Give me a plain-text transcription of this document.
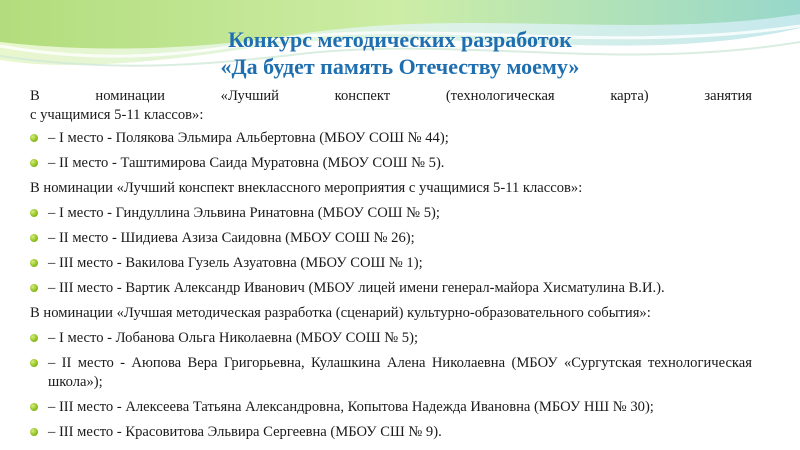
Конкурс методических разработок
«Да будет память Отечеству моему»
В номинации «Лучший конспект (технологическая карта) занятия
с учащимися 5-11 классов»:
– I место - Полякова Эльмира Альбертовна (МБОУ СОШ № 44);
– II место - Таштимирова Саида Муратовна (МБОУ СОШ № 5).
В номинации «Лучший конспект внеклассного мероприятия с учащимися 5-11 классов»:
– I место - Гиндуллина Эльвина Ринатовна (МБОУ СОШ № 5);
– II место - Шидиева Азиза Саидовна (МБОУ СОШ № 26);
– III место - Вакилова Гузель Азуатовна (МБОУ СОШ № 1);
– III место - Вартик Александр Иванович (МБОУ лицей имени генерал-майора Хисматулина В.И.).
В номинации «Лучшая методическая разработка (сценарий) культурно-образовательного события»:
– I место - Лобанова Ольга Николаевна (МБОУ СОШ № 5);
– II место - Аюпова Вера Григорьевна, Кулашкина Алена Николаевна (МБОУ «Сургутская технологическая школа»);
– III место - Алексеева Татьяна Александровна, Копытова Надежда Ивановна (МБОУ НШ № 30);
– III место - Красовитова Эльвира Сергеевна (МБОУ СШ № 9).
